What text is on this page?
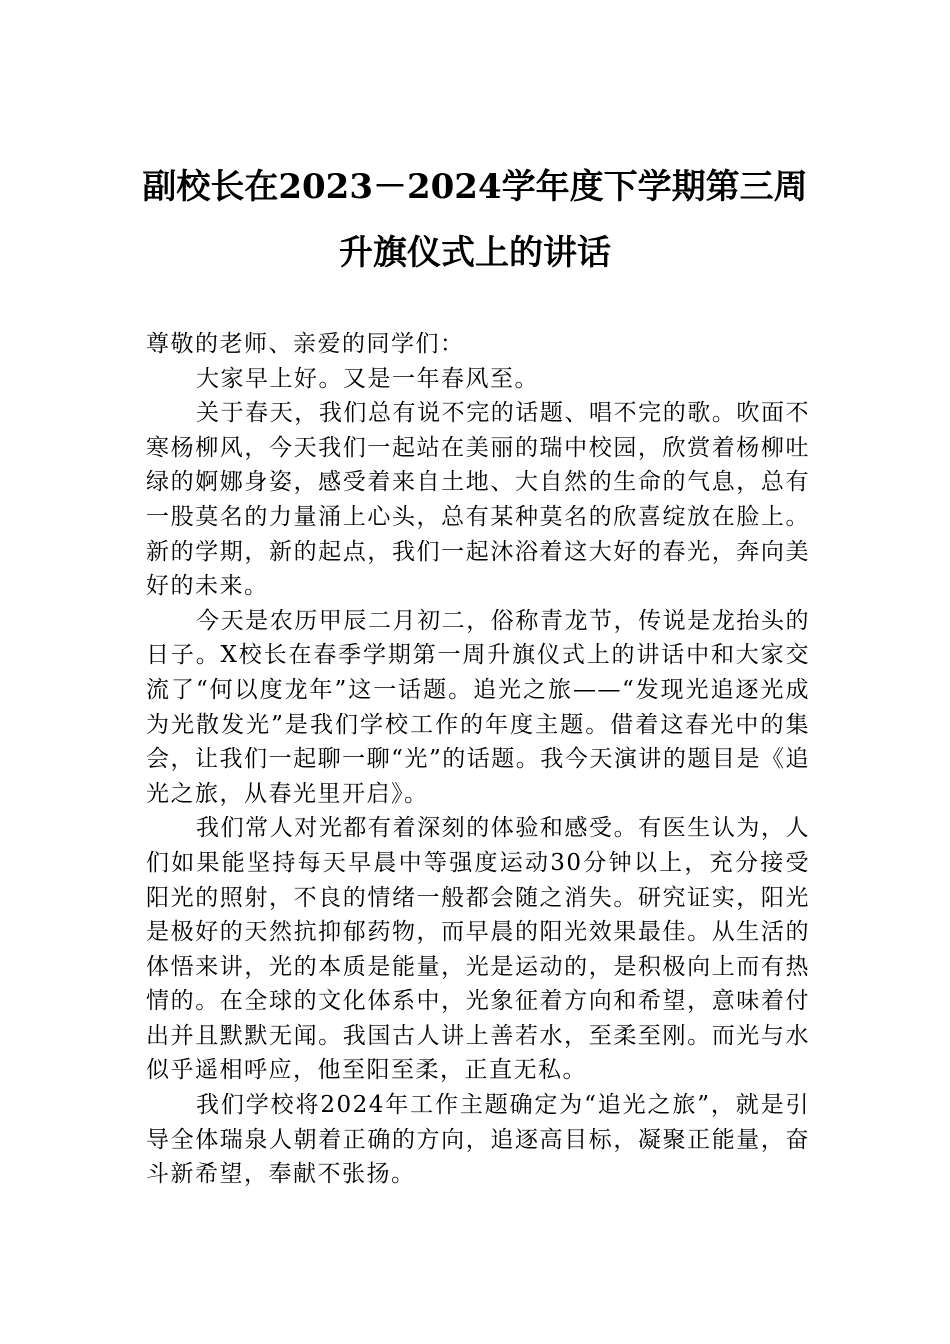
副校长在2023－2024学年度下学期第三周
升旗仪式上的讲话

尊敬的老师、亲爱的同学们：

大家早上好。又是一年春风至。

关于春天，我们总有说不完的话题、唱不完的歌。吹面不寒杨柳风，今天我们一起站在美丽的瑞中校园，欣赏着杨柳吐绿的婀娜身姿，感受着来自土地、大自然的生命的气息，总有一股莫名的力量涌上心头，总有某种莫名的欣喜绽放在脸上。新的学期，新的起点，我们一起沐浴着这大好的春光，奔向美好的未来。

今天是农历甲辰二月初二，俗称青龙节，传说是龙抬头的日子。X校长在春季学期第一周升旗仪式上的讲话中和大家交流了“何以度龙年”这一话题。追光之旅——“发现光追逐光成为光散发光”是我们学校工作的年度主题。借着这春光中的集会，让我们一起聊一聊“光”的话题。我今天演讲的题目是《追光之旅，从春光里开启》。

我们常人对光都有着深刻的体验和感受。有医生认为，人们如果能坚持每天早晨中等强度运动30分钟以上，充分接受阳光的照射，不良的情绪一般都会随之消失。研究证实，阳光是极好的天然抗抑郁药物，而早晨的阳光效果最佳。从生活的体悟来讲，光的本质是能量，光是运动的，是积极向上而有热情的。在全球的文化体系中，光象征着方向和希望，意味着付出并且默默无闻。我国古人讲上善若水，至柔至刚。而光与水似乎遥相呼应，他至阳至柔，正直无私。

我们学校将2024年工作主题确定为“追光之旅”，就是引导全体瑞泉人朝着正确的方向，追逐高目标，凝聚正能量，奋斗新希望，奉献不张扬。
